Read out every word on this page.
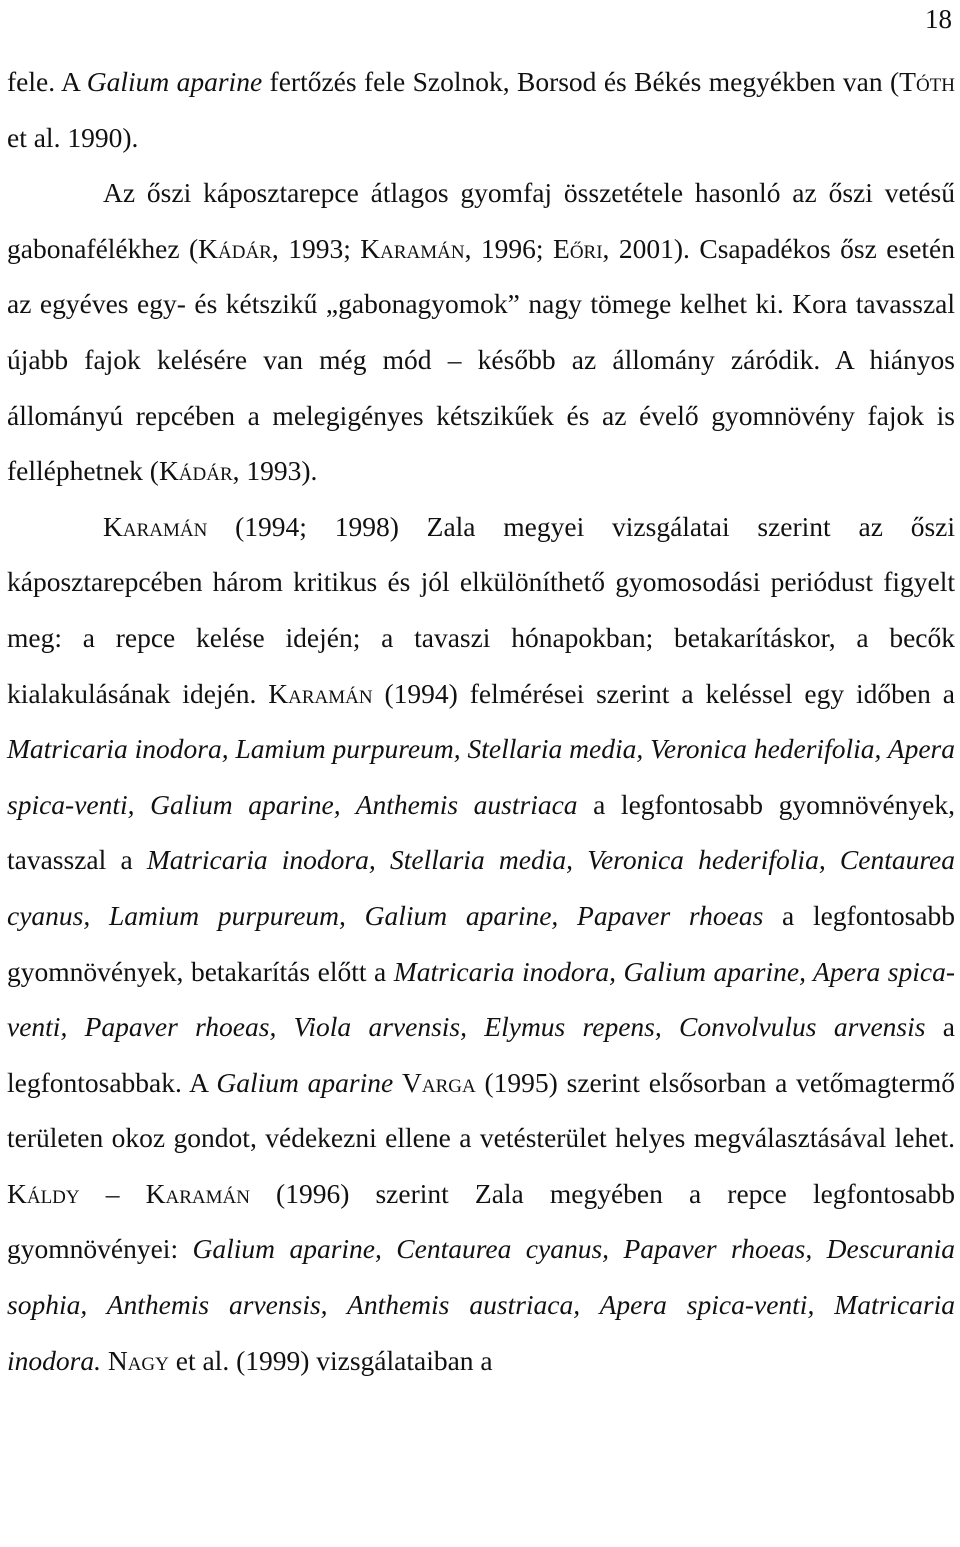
18

fele. A Galium aparine fertőzés fele Szolnok, Borsod és Békés megyékben van (Tóth et al. 1990).

Az őszi káposztarepce átlagos gyomfaj összetétele hasonló az őszi vetésű gabonafélékhez (Kádár, 1993; Karamán, 1996; Eőri, 2001). Csapadékos ősz esetén az egyéves egy- és kétszikű „gabonagyomok” nagy tömege kelhet ki. Kora tavasszal újabb fajok kelésére van még mód – később az állomány záródik. A hiányos állományú repcében a melegigényes kétszikűek és az évelő gyomnövény fajok is felléphetnek (Kádár, 1993).

Karamán (1994; 1998) Zala megyei vizsgálatai szerint az őszi káposztarepcében három kritikus és jól elkülöníthető gyomosodási periódust figyelt meg: a repce kelése idején; a tavaszi hónapokban; betakarításkor, a becők kialakulásának idején. Karamán (1994) felmérései szerint a keléssel egy időben a Matricaria inodora, Lamium purpureum, Stellaria media, Veronica hederifolia, Apera spica-venti, Galium aparine, Anthemis austriaca a legfontosabb gyomnövények, tavasszal a Matricaria inodora, Stellaria media, Veronica hederifolia, Centaurea cyanus, Lamium purpureum, Galium aparine, Papaver rhoeas a legfontosabb gyomnövények, betakarítás előtt a Matricaria inodora, Galium aparine, Apera spica-venti, Papaver rhoeas, Viola arvensis, Elymus repens, Convolvulus arvensis a legfontosabbak. A Galium aparine Varga (1995) szerint elsősorban a vetőmagtermő területen okoz gondot, védekezni ellene a vetésterület helyes megválasztásával lehet. Káldy – Karamán (1996) szerint Zala megyében a repce legfontosabb gyomnövényei: Galium aparine, Centaurea cyanus, Papaver rhoeas, Descurania sophia, Anthemis arvensis, Anthemis austriaca, Apera spica-venti, Matricaria inodora. Nagy et al. (1999) vizsgálataiban a
